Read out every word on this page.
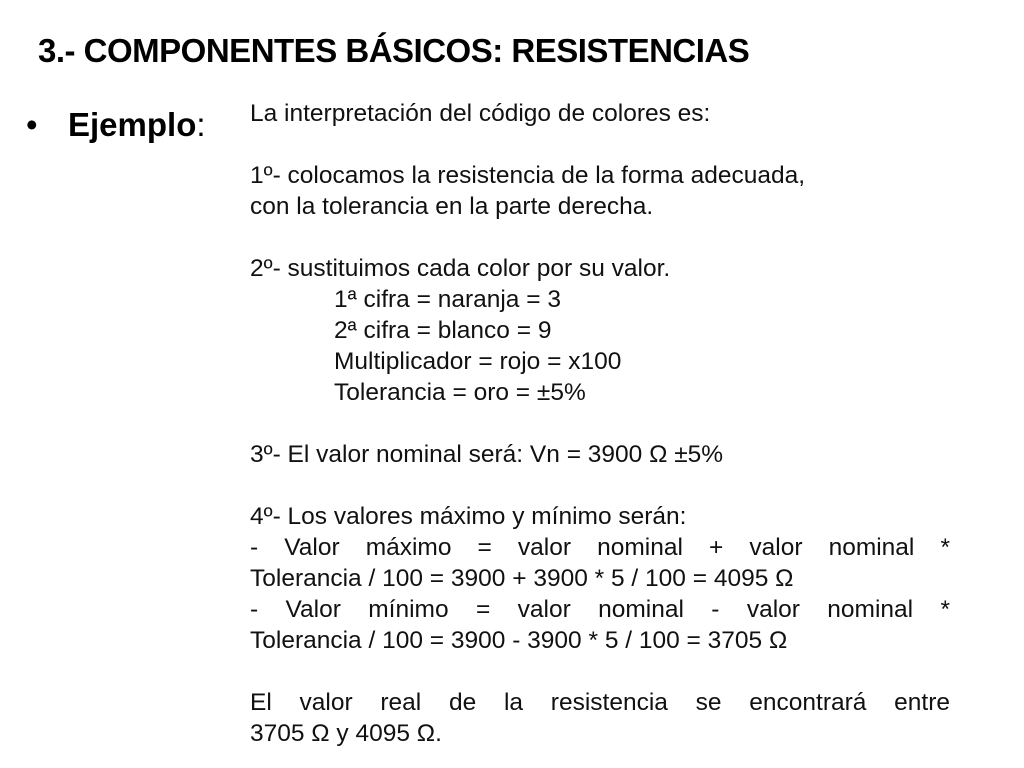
3.- COMPONENTES BÁSICOS: RESISTENCIAS
• Ejemplo: La interpretación del código de colores es:
1º- colocamos la resistencia de la forma adecuada,
con la tolerancia en la parte derecha.
2º- sustituimos cada color por su valor.
1ª cifra = naranja = 3
2ª cifra = blanco = 9
Multiplicador = rojo = x100
Tolerancia = oro = ±5%
3º- El valor nominal será: Vn = 3900 Ω ±5%
4º- Los valores máximo y mínimo serán:
- Valor máximo = valor nominal + valor nominal *
Tolerancia / 100 = 3900 + 3900 * 5 / 100 = 4095 Ω
- Valor mínimo = valor nominal - valor nominal *
Tolerancia / 100 = 3900 - 3900 * 5 / 100 = 3705 Ω
El valor real de la resistencia se encontrará entre
3705 Ω y 4095 Ω.
